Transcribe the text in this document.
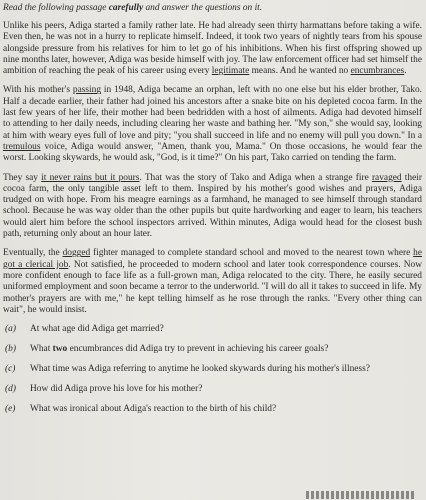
Read the following passage carefully and answer the questions on it.

Unlike his peers, Adiga started a family rather late. He had already seen thirty harmattans before taking a wife. Even then, he was not in a hurry to replicate himself. Indeed, it took two years of nightly tears from his spouse alongside pressure from his relatives for him to let go of his inhibitions. When his first offspring showed up nine months later, however, Adiga was beside himself with joy. The law enforcement officer had set himself the ambition of reaching the peak of his career using every legitimate means. And he wanted no encumbrances.

With his mother's passing in 1948, Adiga became an orphan, left with no one else but his elder brother, Tako. Half a decade earlier, their father had joined his ancestors after a snake bite on his depleted cocoa farm. In the last few years of her life, their mother had been bedridden with a host of ailments. Adiga had devoted himself to attending to her daily needs, including clearing her waste and bathing her. "My son," she would say, looking at him with weary eyes full of love and pity; "you shall succeed in life and no enemy will pull you down." In a tremulous voice, Adiga would answer, "Amen, thank you, Mama." On those occasions, he would fear the worst. Looking skywards, he would ask, "God, is it time?" On his part, Tako carried on tending the farm.

They say it never rains but it pours. That was the story of Tako and Adiga when a strange fire ravaged their cocoa farm, the only tangible asset left to them. Inspired by his mother's good wishes and prayers, Adiga trudged on with hope. From his meagre earnings as a farmhand, he managed to see himself through standard school. Because he was way older than the other pupils but quite hardworking and eager to learn, his teachers would alert him before the school inspectors arrived. Within minutes, Adiga would head for the closest bush path, returning only about an hour later.

Eventually, the dogged fighter managed to complete standard school and moved to the nearest town where he got a clerical job. Not satisfied, he proceeded to modern school and later took correspondence courses. Now more confident enough to face life as a full-grown man, Adiga relocated to the city. There, he easily secured uniformed employment and soon became a terror to the underworld. "I will do all it takes to succeed in life. My mother's prayers are with me," he kept telling himself as he rose through the ranks. "Every other thing can wait", he would insist.

( a )	At what age did Adiga get married?
( b )	What two encumbrances did Adiga try to prevent in achieving his career goals?
( c )	What time was Adiga referring to anytime he looked skywards during his mother's illness?
( d )	How did Adiga prove his love for his mother?
( e )	What was ironical about Adiga's reaction to the birth of his child?
